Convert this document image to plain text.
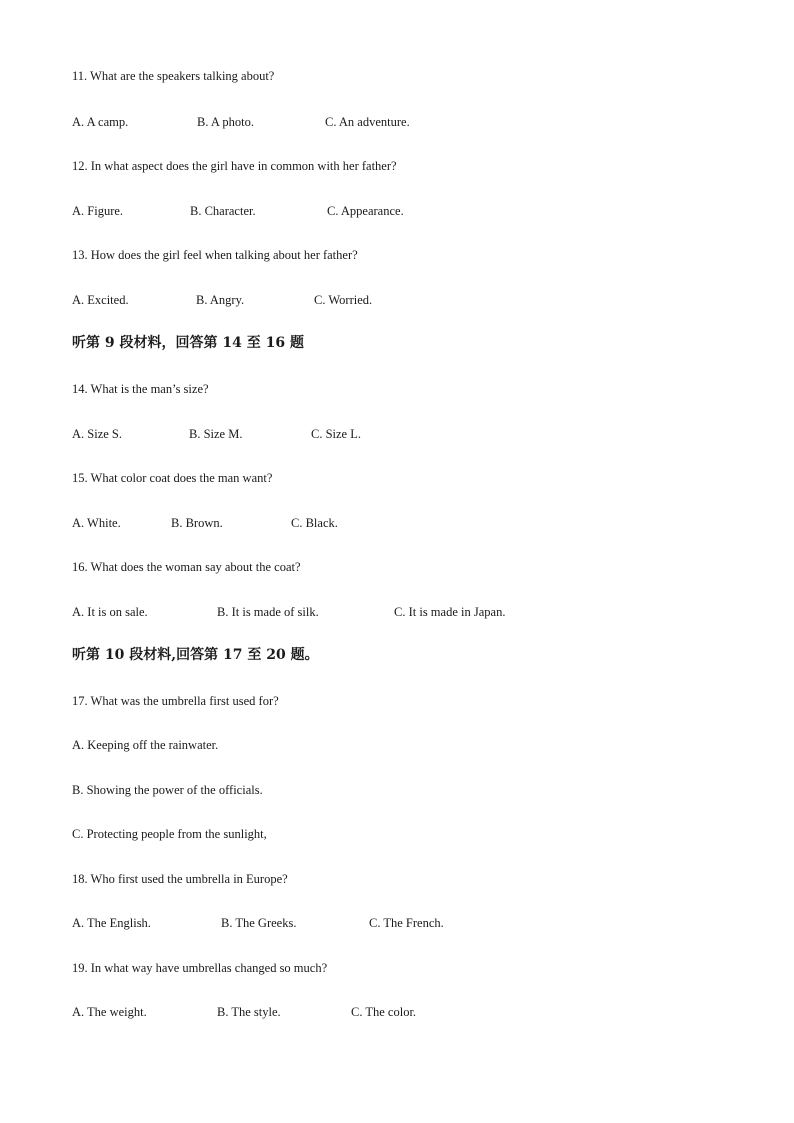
11. What are the speakers talking about?
A. A camp.	B. A photo.	C. An adventure.
12. In what aspect does the girl have in common with her father?
A. Figure.	B. Character.	C. Appearance.
13. How does the girl feel when talking about her father?
A. Excited.	B. Angry.	C. Worried.
听第 9 段材料，回答第 14 至 16 题
14. What is the man’s size?
A. Size S.	B. Size M.	C. Size L.
15. What color coat does the man want?
A. White.	B. Brown.	C. Black.
16. What does the woman say about the coat?
A. It is on sale.	B. It is made of silk.	C. It is made in Japan.
听第 10 段材料,回答第 17 至 20 题。
17. What was the umbrella first used for?
A. Keeping off the rainwater.
B. Showing the power of the officials.
C. Protecting people from the sunlight,
18. Who first used the umbrella in Europe?
A. The English.	B. The Greeks.	C. The French.
19. In what way have umbrellas changed so much?
A. The weight.	B. The style.	C. The color.
